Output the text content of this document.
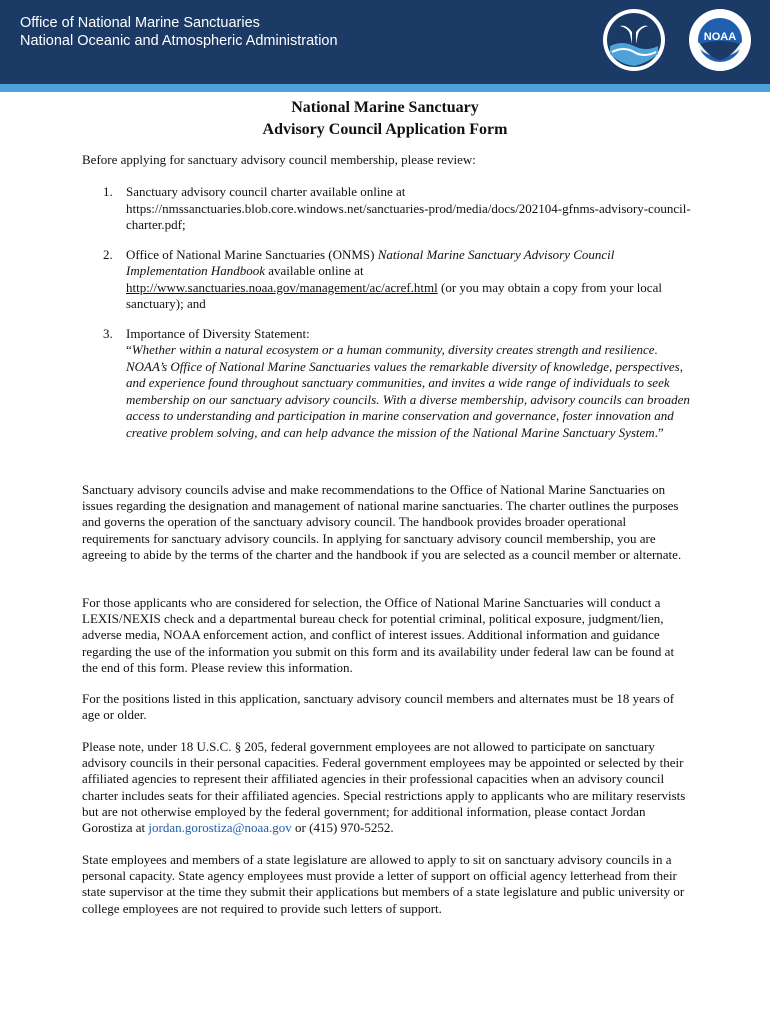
Office of National Marine Sanctuaries
National Oceanic and Atmospheric Administration	NOAA
National Marine Sanctuary
Advisory Council Application Form
Before applying for sanctuary advisory council membership, please review:
1. Sanctuary advisory council charter available online at
https://nmssanctuaries.blob.core.windows.net/sanctuaries-prod/media/docs/202104-gfnms-advisory-council-charter.pdf;
2. Office of National Marine Sanctuaries (ONMS) National Marine Sanctuary Advisory Council Implementation Handbook available online at
http://www.sanctuaries.noaa.gov/management/ac/acref.html (or you may obtain a copy from your local sanctuary); and
3. Importance of Diversity Statement:
“Whether within a natural ecosystem or a human community, diversity creates strength and resilience. NOAA’s Office of National Marine Sanctuaries values the remarkable diversity of knowledge, perspectives, and experience found throughout sanctuary communities, and invites a wide range of individuals to seek membership on our sanctuary advisory councils. With a diverse membership, advisory councils can broaden access to understanding and participation in marine conservation and governance, foster innovation and creative problem solving, and can help advance the mission of the National Marine Sanctuary System.”

Sanctuary advisory councils advise and make recommendations to the Office of National Marine Sanctuaries on issues regarding the designation and management of national marine sanctuaries. The charter outlines the purposes and governs the operation of the sanctuary advisory council. The handbook provides broader operational requirements for sanctuary advisory councils. In applying for sanctuary advisory council membership, you are agreeing to abide by the terms of the charter and the handbook if you are selected as a council member or alternate.

For those applicants who are considered for selection, the Office of National Marine Sanctuaries will conduct a LEXIS/NEXIS check and a departmental bureau check for potential criminal, political exposure, judgment/lien, adverse media, NOAA enforcement action, and conflict of interest issues. Additional information and guidance regarding the use of the information you submit on this form and its availability under federal law can be found at the end of this form. Please review this information.

For the positions listed in this application, sanctuary advisory council members and alternates must be 18 years of age or older.

Please note, under 18 U.S.C. § 205, federal government employees are not allowed to participate on sanctuary advisory councils in their personal capacities. Federal government employees may be appointed or selected by their affiliated agencies to represent their affiliated agencies in their professional capacities when an advisory council charter includes seats for their affiliated agencies. Special restrictions apply to applicants who are military reservists but are not otherwise employed by the federal government; for additional information, please contact Jordan Gorostiza at jordan.gorostiza@noaa.gov or (415) 970-5252.

State employees and members of a state legislature are allowed to apply to sit on sanctuary advisory councils in a personal capacity. State agency employees must provide a letter of support on official agency letterhead from their state supervisor at the time they submit their applications but members of a state legislature and public university or college employees are not required to provide such letters of support.
